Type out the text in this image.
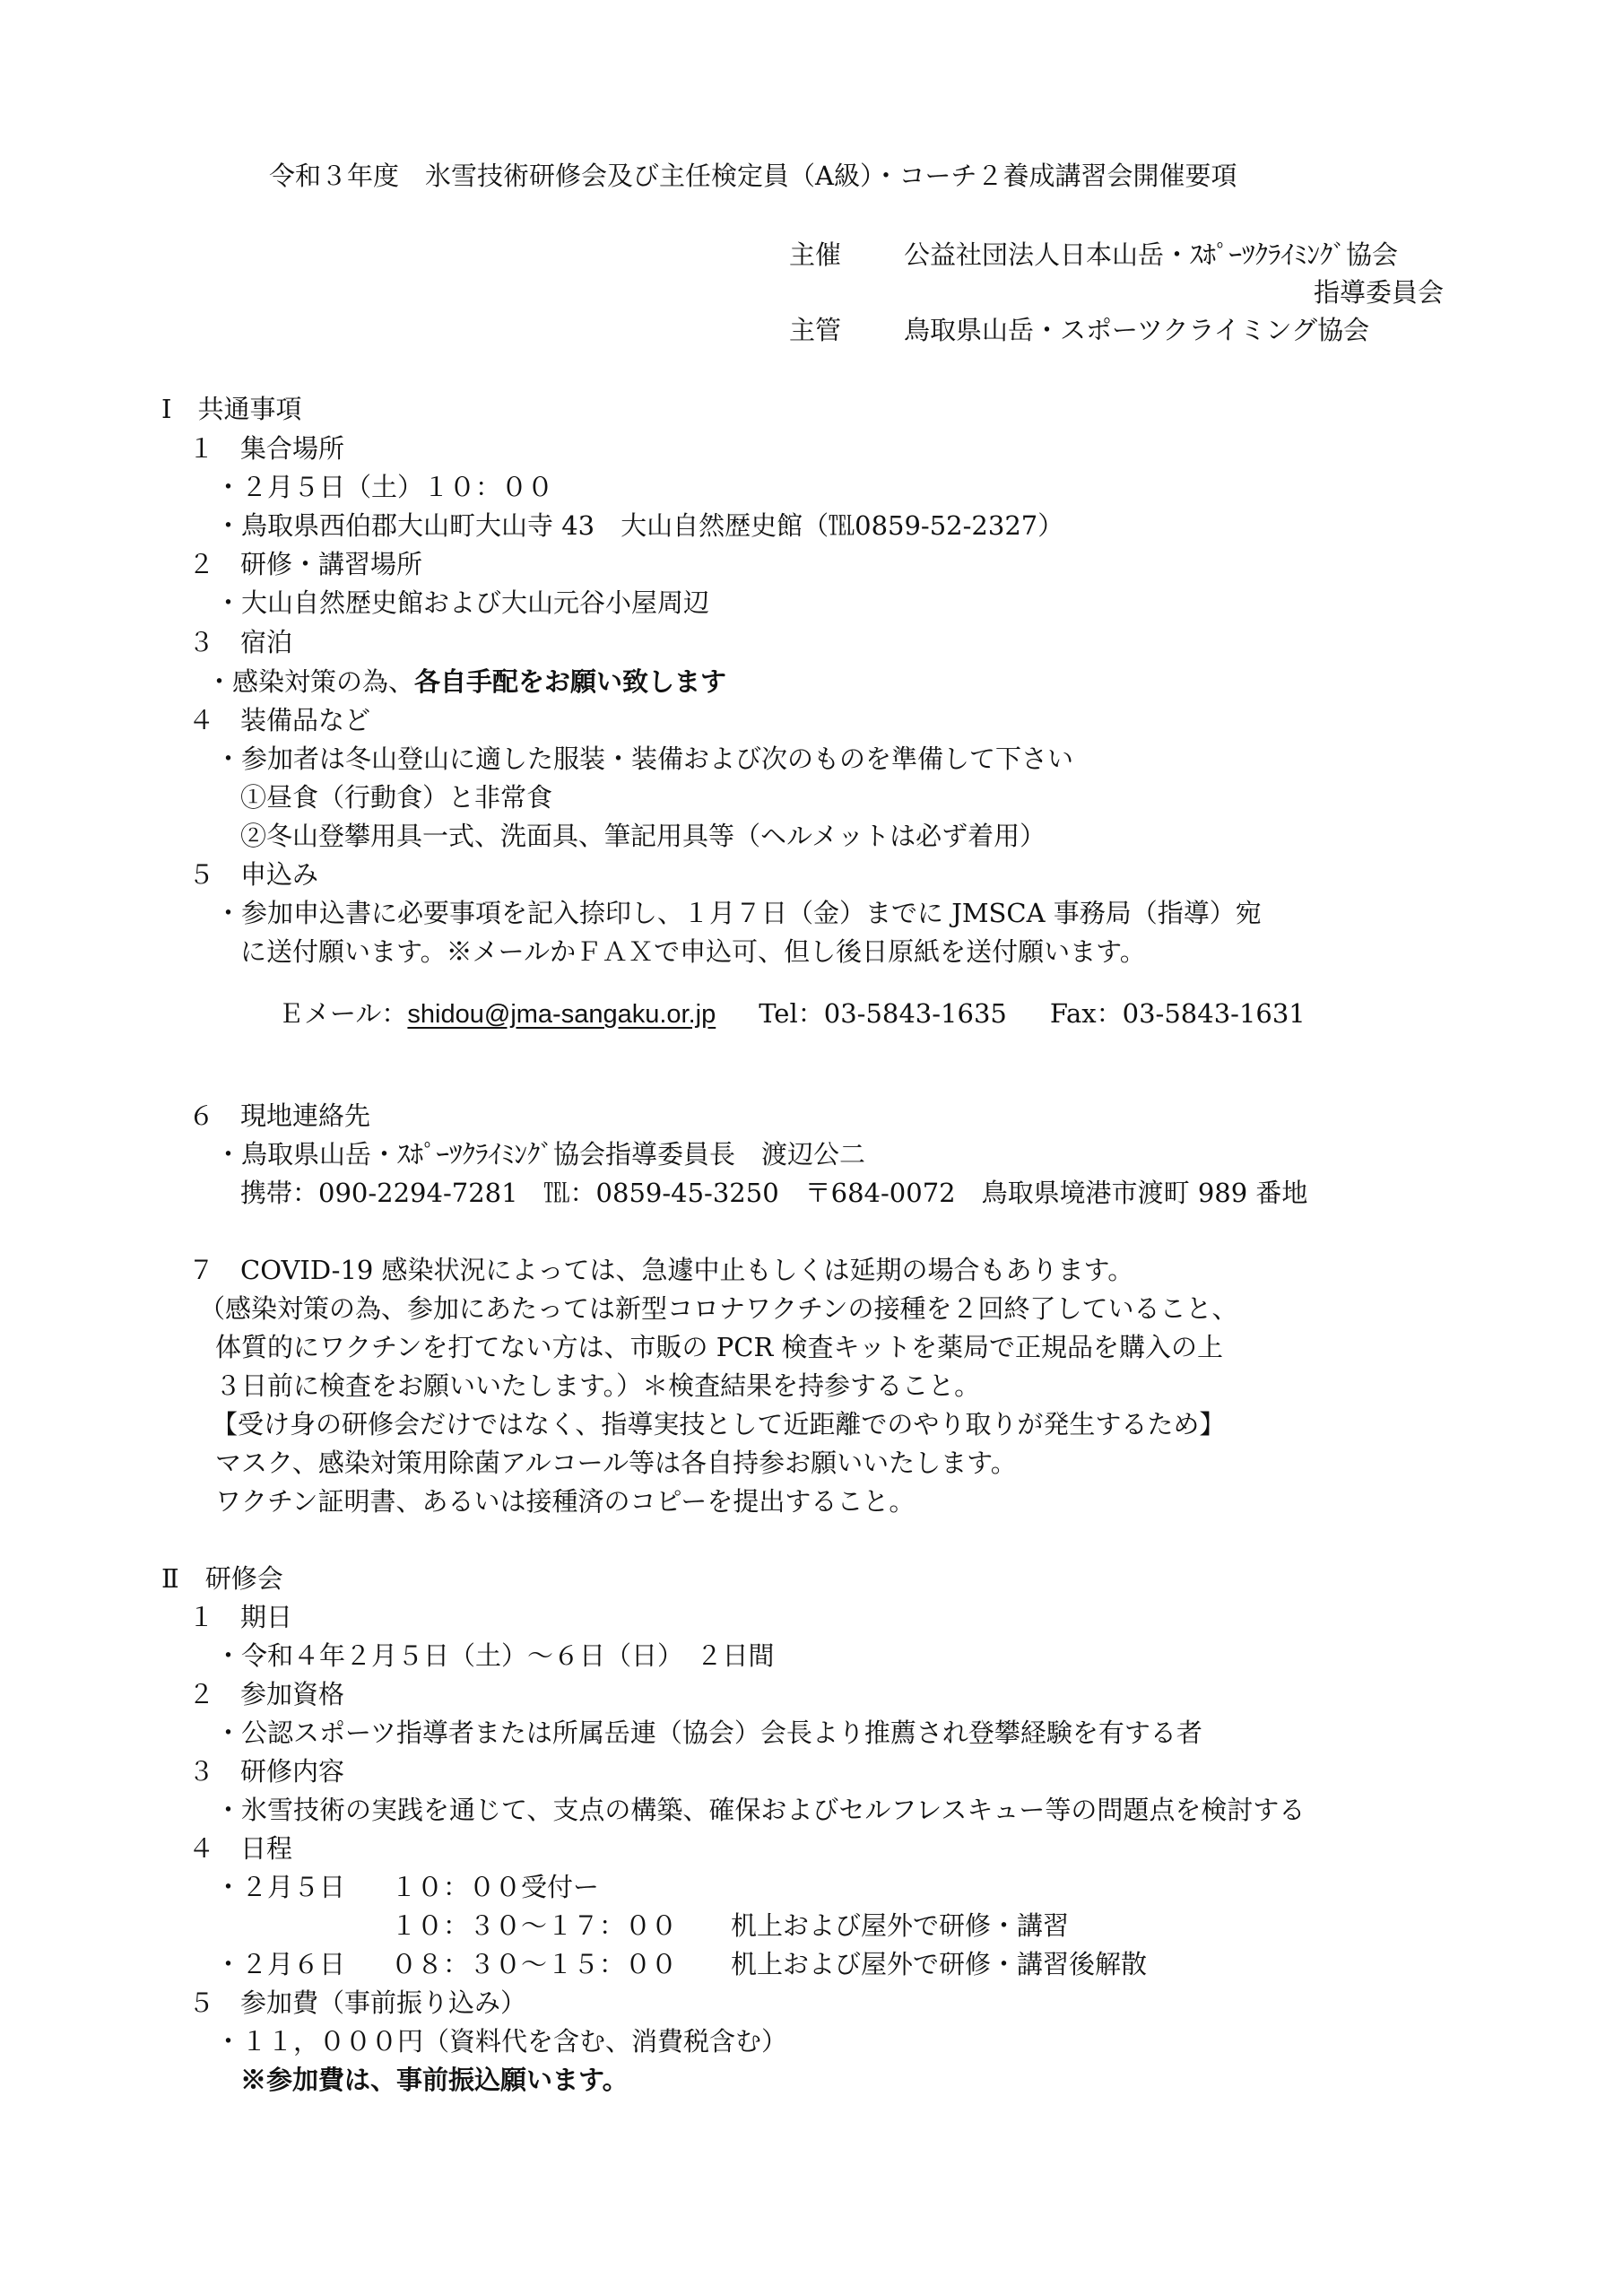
令和３年度　氷雪技術研修会及び主任検定員（A級）・コーチ２養成講習会開催要項
主催 公益社団法人日本山岳・ｽﾎﾟｰﾂｸﾗｲﾐﾝｸﾞ協会
指導委員会
主管 鳥取県山岳・スポーツクライミング協会
Ⅰ　共通事項
１　集合場所
・２月５日（土）１０：００
・鳥取県西伯郡大山町大山寺 43　大山自然歴史館（℡0859-52-2327）
２　研修・講習場所
・大山自然歴史館および大山元谷小屋周辺
３　宿泊
・感染対策の為、各自手配をお願い致します
４　装備品など
・参加者は冬山登山に適した服装・装備および次のものを準備して下さい
①昼食（行動食）と非常食
②冬山登攀用具一式、洗面具、筆記用具等（ヘルメットは必ず着用）
５　申込み
・参加申込書に必要事項を記入捺印し、１月７日（金）までに JMSCA 事務局（指導）宛
に送付願います。※メールかＦＡＸで申込可、但し後日原紙を送付願います。
Ｅメール：shidou@jma-sangaku.or.jp Tel：03-5843-1635 Fax：03-5843-1631
６　現地連絡先
・鳥取県山岳・ｽﾎﾟｰﾂｸﾗｲﾐﾝｸﾞ協会指導委員長　渡辺公二
携帯：090-2294-7281　℡：0859-45-3250　〒684-0072　鳥取県境港市渡町 989 番地
７　COVID-19 感染状況によっては、急遽中止もしくは延期の場合もあります。
（感染対策の為、参加にあたっては新型コロナワクチンの接種を２回終了していること、
体質的にワクチンを打てない方は、市販の PCR 検査キットを薬局で正規品を購入の上
３日前に検査をお願いいたします。）＊検査結果を持参すること。
【受け身の研修会だけではなく、指導実技として近距離でのやり取りが発生するため】
マスク、感染対策用除菌アルコール等は各自持参お願いいたします。
ワクチン証明書、あるいは接種済のコピーを提出すること。
Ⅱ　研修会
１　期日
・令和４年２月５日（土）～６日（日）　２日間
２　参加資格
・公認スポーツ指導者または所属岳連（協会）会長より推薦され登攀経験を有する者
３　研修内容
・氷雪技術の実践を通じて、支点の構築、確保およびセルフレスキュー等の問題点を検討する
４　日程
・２月５日 １０：００受付ー
１０：３０～１７：００ 机上および屋外で研修・講習
・２月６日 ０８：３０～１５：００ 机上および屋外で研修・講習後解散
５　参加費（事前振り込み）
・１１，０００円（資料代を含む、消費税含む）
※参加費は、事前振込願います。
